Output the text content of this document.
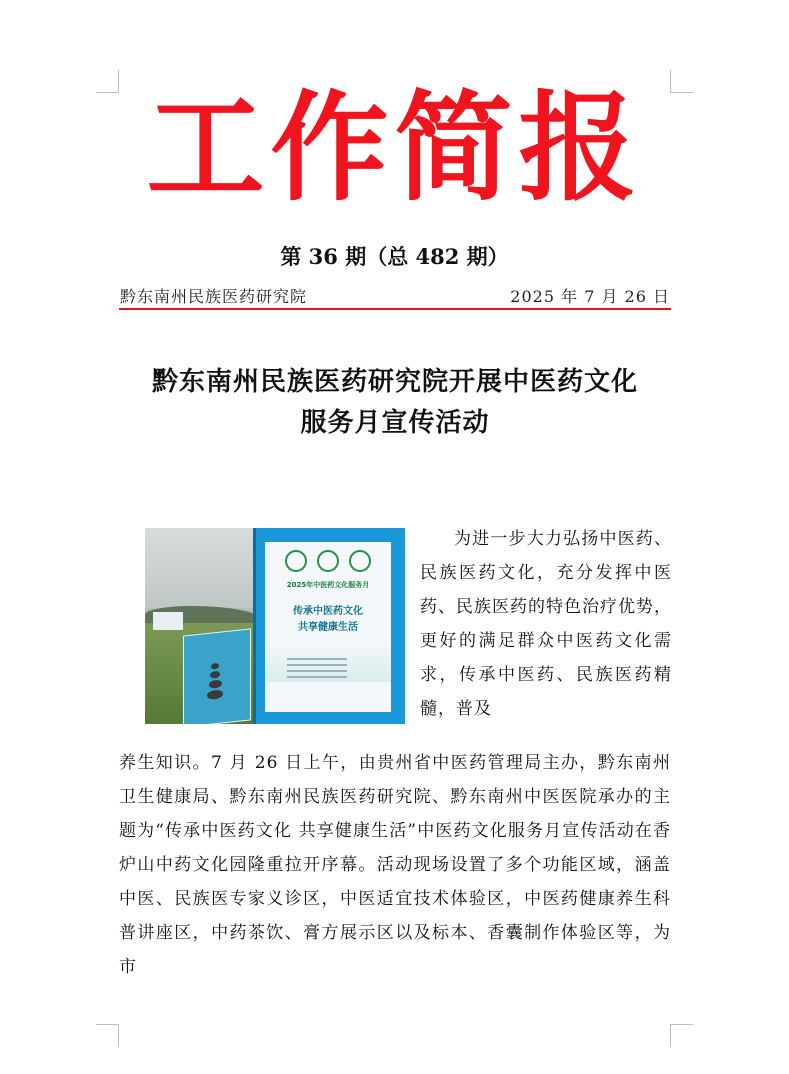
工作简报
第 36 期（总 482 期）
黔东南州民族医药研究院	2025 年 7 月 26 日
黔东南州民族医药研究院开展中医药文化
服务月宣传活动
2025年中医药文化服务月
传承中医药文化
共享健康生活
为进一步大力弘扬中医药、民族医药文化，充分发挥中医药、民族医药的特色治疗优势，更好的满足群众中医药文化需求，传承中医药、民族医药精髓，普及
养生知识。7 月 26 日上午，由贵州省中医药管理局主办，黔东南州卫生健康局、黔东南州民族医药研究院、黔东南州中医医院承办的主题为“传承中医药文化 共享健康生活”中医药文化服务月宣传活动在香炉山中药文化园隆重拉开序幕。活动现场设置了多个功能区域，涵盖中医、民族医专家义诊区，中医适宜技术体验区，中医药健康养生科普讲座区，中药茶饮、膏方展示区以及标本、香囊制作体验区等，为市
